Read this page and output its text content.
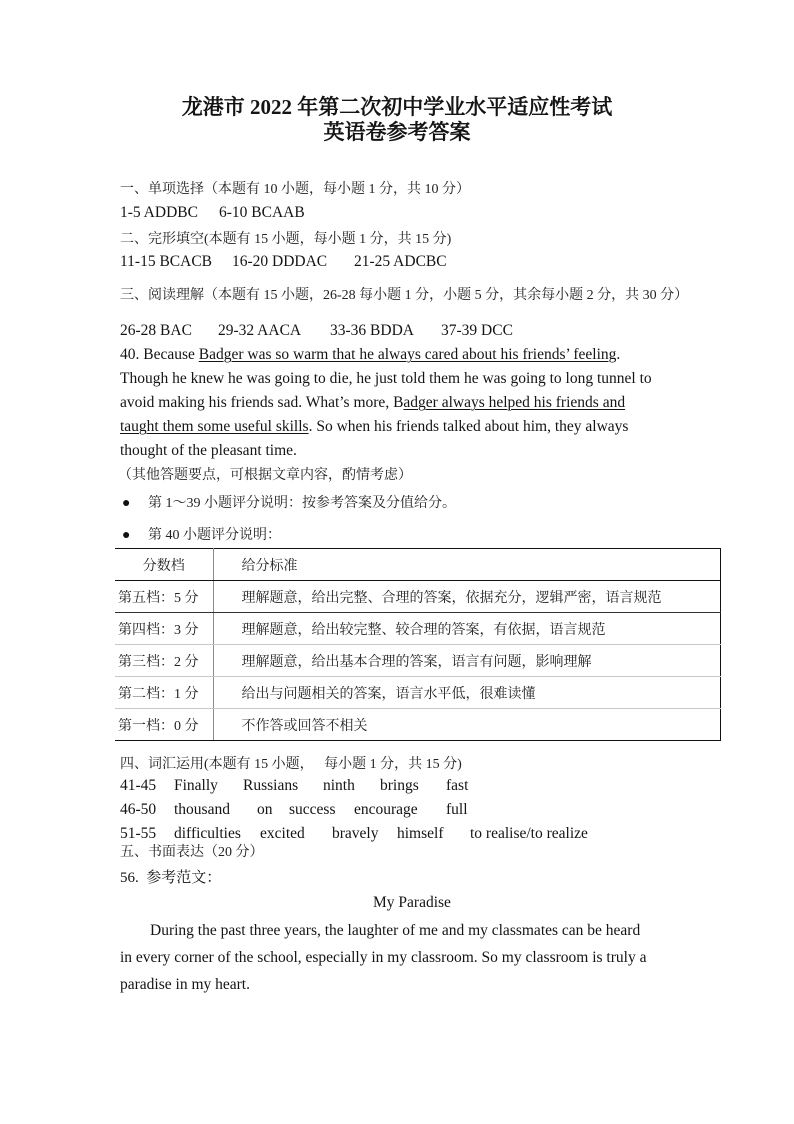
龙港市 2022 年第二次初中学业水平适应性考试
英语卷参考答案
一、单项选择（本题有 10 小题，每小题 1 分，共 10 分）
1-5 ADDBC 6-10 BCAAB
二、完形填空(本题有 15 小题，每小题 1 分，共 15 分)
11-15 BCACB 16-20 DDDAC 21-25 ADCBC
三、阅读理解（本题有 15 小题，26-28 每小题 1 分，小题 5 分，其余每小题 2 分，共 30 分）
26-28 BAC 29-32 AACA 33-36 BDDA 37-39 DCC
40. Because Badger was so warm that he always cared about his friends’ feeling.
Though he knew he was going to die, he just told them he was going to long tunnel to
avoid making his friends sad. What’s more, Badger always helped his friends and
taught them some useful skills. So when his friends talked about him, they always
thought of the pleasant time.
（其他答题要点，可根据文章内容，酌情考虑）
● 第 1～39 小题评分说明：按参考答案及分值给分。
● 第 40 小题评分说明：
分数档	给分标准
第五档：5 分	理解题意，给出完整、合理的答案，依据充分，逻辑严密，语言规范
第四档：3 分	理解题意，给出较完整、较合理的答案，有依据，语言规范
第三档：2 分	理解题意，给出基本合理的答案，语言有问题，影响理解
第二档：1 分	给出与问题相关的答案，语言水平低，很难读懂
第一档：0 分	不作答或回答不相关
四、词汇运用(本题有 15 小题，   每小题 1 分，共 15 分)
41-45 Finally Russians ninth brings fast
46-50 thousand on success encourage full
51-55 difficulties excited bravely himself to realise/to realize
五、书面表达（20 分）
56.  参考范文：
My Paradise
During the past three years, the laughter of me and my classmates can be heard
in every corner of the school, especially in my classroom. So my classroom is truly a
paradise in my heart.
